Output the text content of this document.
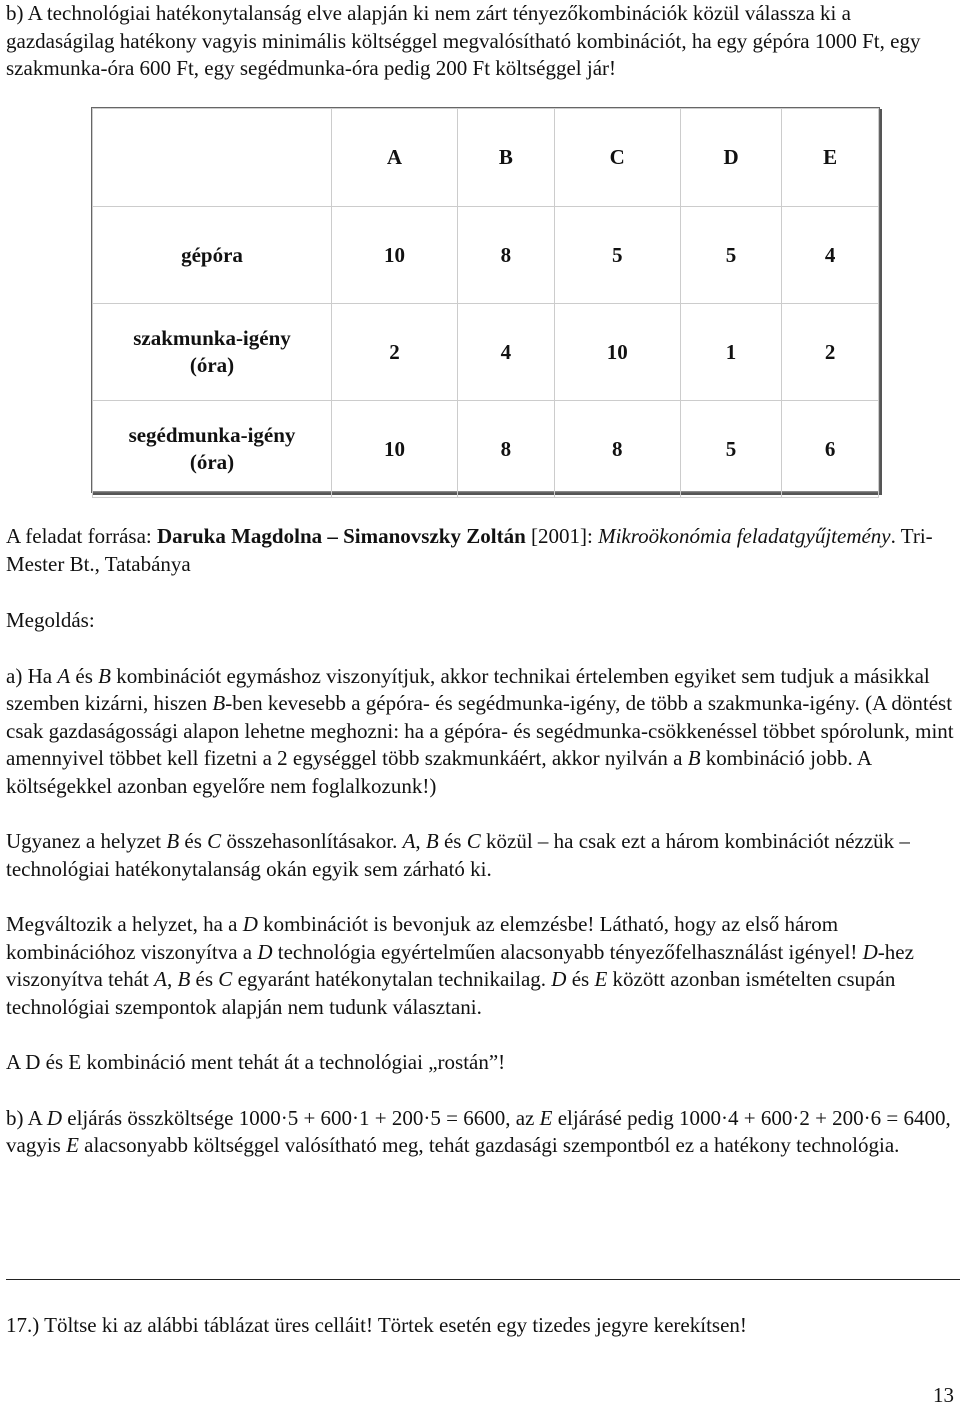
b) A technológiai hatékonytalanság elve alapján ki nem zárt tényezőkombinációk közül válassza ki a gazdaságilag hatékony vagyis minimális költséggel megvalósítható kombinációt, ha egy gépóra 1000 Ft, egy szakmunka-óra 600 Ft, egy segédmunka-óra pedig 200 Ft költséggel jár!

	A	B	C	D	E
gépóra	10	8	5	5	4
szakmunka-igény
(óra)	2	4	10	1	2
segédmunka-igény
(óra)	10	8	8	5	6

A feladat forrása: Daruka Magdolna – Simanovszky Zoltán [2001]: Mikroökonómia feladatgyűjtemény. Tri-Mester Bt., Tatabánya

Megoldás:

a) Ha A és B kombinációt egymáshoz viszonyítjuk, akkor technikai értelemben egyiket sem tudjuk a másikkal szemben kizárni, hiszen B-ben kevesebb a gépóra- és segédmunka-igény, de több a szakmunka-igény. (A döntést csak gazdaságossági alapon lehetne meghozni: ha a gépóra- és segédmunka-csökkenéssel többet spórolunk, mint amennyivel többet kell fizetni a 2 egységgel több szakmunkáért, akkor nyilván a B kombináció jobb. A költségekkel azonban egyelőre nem foglalkozunk!)

Ugyanez a helyzet B és C összehasonlításakor. A, B és C közül – ha csak ezt a három kombinációt nézzük – technológiai hatékonytalanság okán egyik sem zárható ki.

Megváltozik a helyzet, ha a D kombinációt is bevonjuk az elemzésbe! Látható, hogy az első három kombinációhoz viszonyítva a D technológia egyértelműen alacsonyabb tényezőfelhasználást igényel! D-hez viszonyítva tehát A, B és C egyaránt hatékonytalan technikailag. D és E között azonban ismételten csupán technológiai szempontok alapján nem tudunk választani.

A D és E kombináció ment tehát át a technológiai „rostán”!

b) A D eljárás összköltsége 1000·5 + 600·1 + 200·5 = 6600, az E eljárásé pedig 1000·4 + 600·2 + 200·6 = 6400, vagyis E alacsonyabb költséggel valósítható meg, tehát gazdasági szempontból ez a hatékony technológia.

17.) Töltse ki az alábbi táblázat üres celláit! Törtek esetén egy tizedes jegyre kerekítsen!

13
